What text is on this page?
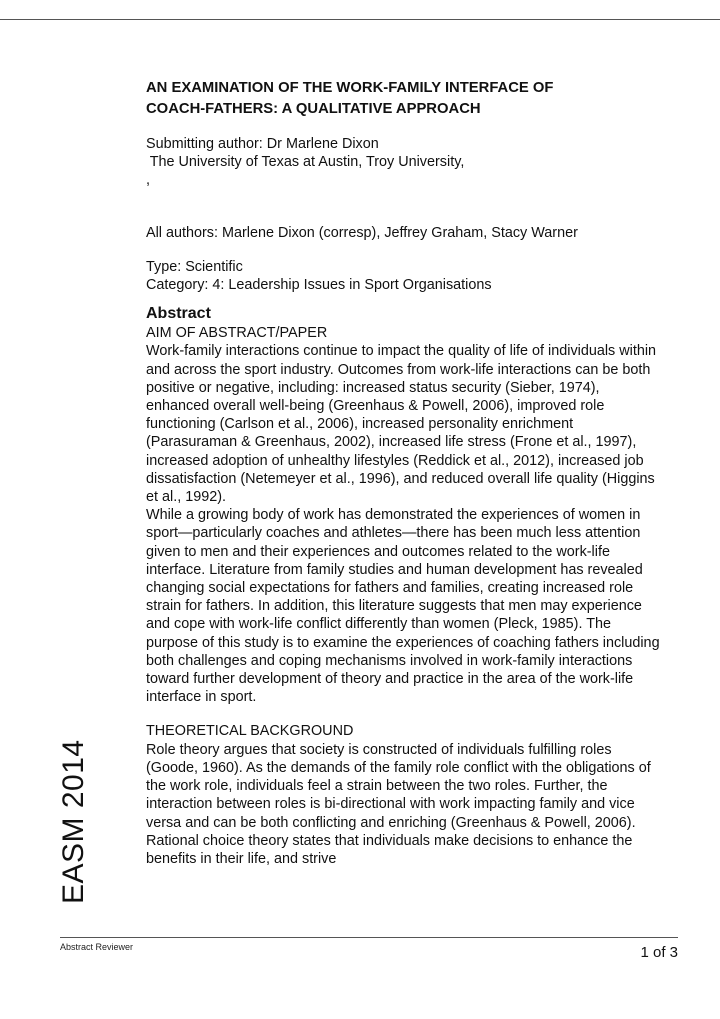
AN EXAMINATION OF THE WORK-FAMILY INTERFACE OF
COACH-FATHERS: A QUALITATIVE APPROACH
Submitting author: Dr Marlene Dixon
The University of Texas at Austin, Troy University,
,
All authors: Marlene Dixon (corresp), Jeffrey Graham, Stacy Warner
Type: Scientific
Category: 4: Leadership Issues in Sport Organisations
Abstract
AIM OF ABSTRACT/PAPER

Work-family interactions continue to impact the quality of life of individuals within and across the sport industry. Outcomes from work-life interactions can be both positive or negative, including: increased status security (Sieber, 1974), enhanced overall well-being (Greenhaus & Powell, 2006), improved role functioning (Carlson et al., 2006), increased personality enrichment (Parasuraman & Greenhaus, 2002), increased life stress (Frone et al., 1997), increased adoption of unhealthy lifestyles (Reddick et al., 2012), increased job dissatisfaction (Netemeyer et al., 1996), and reduced overall life quality (Higgins et al., 1992).

While a growing body of work has demonstrated the experiences of women in sport—particularly coaches and athletes—there has been much less attention given to men and their experiences and outcomes related to the work-life interface. Literature from family studies and human development has revealed changing social expectations for fathers and families, creating increased role strain for fathers. In addition, this literature suggests that men may experience and cope with work-life conflict differently than women (Pleck, 1985). The purpose of this study is to examine the experiences of coaching fathers including both challenges and coping mechanisms involved in work-family interactions toward further development of theory and practice in the area of the work-life interface in sport.

THEORETICAL BACKGROUND

Role theory argues that society is constructed of individuals fulfilling roles (Goode, 1960). As the demands of the family role conflict with the obligations of the work role, individuals feel a strain between the two roles. Further, the interaction between roles is bi-directional with work impacting family and vice versa and can be both conflicting and enriching (Greenhaus & Powell, 2006). Rational choice theory states that individuals make decisions to enhance the benefits in their life, and strive

EASM 2014
Abstract Reviewer	1 of 3
